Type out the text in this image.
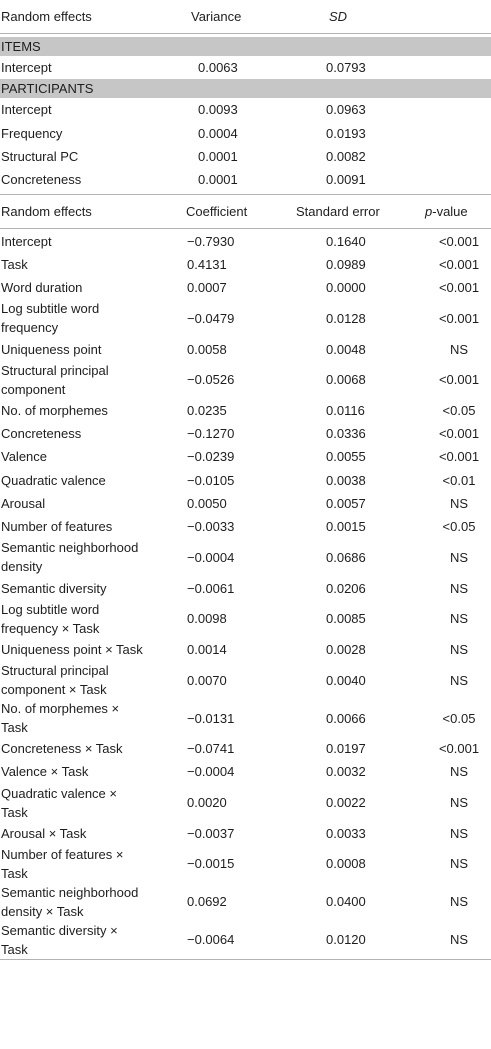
Random effects	Variance	SD	

ITEMS			
Intercept	0.0063	0.0793	
PARTICIPANTS			
Intercept	0.0093	0.0963	
Frequency	0.0004	0.0193	
Structural PC	0.0001	0.0082	
Concreteness	0.0001	0.0091	

Random effects	Coefficient	Standard error	p-value
Intercept	−0.7930	0.1640	<0.001
Task	0.4131	0.0989	<0.001
Word duration	0.0007	0.0000	<0.001

Log subtitle word
frequency	−0.0479	0.0128	<0.001
Uniqueness point	0.0058	0.0048	NS

Structural principal
component	−0.0526	0.0068	<0.001
No. of morphemes	0.0235	0.0116	<0.05
Concreteness	−0.1270	0.0336	<0.001
Valence	−0.0239	0.0055	<0.001
Quadratic valence	−0.0105	0.0038	<0.01
Arousal	0.0050	0.0057	NS
Number of features	−0.0033	0.0015	<0.05

Semantic neighborhood
density	−0.0004	0.0686	NS
Semantic diversity	−0.0061	0.0206	NS

Log subtitle word
frequency × Task	0.0098	0.0085	NS
Uniqueness point × Task	0.0014	0.0028	NS

Structural principal
component × Task	0.0070	0.0040	NS

No. of morphemes ×
Task	−0.0131	0.0066	<0.05
Concreteness × Task	−0.0741	0.0197	<0.001
Valence × Task	−0.0004	0.0032	NS

Quadratic valence ×
Task	0.0020	0.0022	NS
Arousal × Task	−0.0037	0.0033	NS

Number of features ×
Task	−0.0015	0.0008	NS

Semantic neighborhood
density × Task	0.0692	0.0400	NS

Semantic diversity ×
Task	−0.0064	0.0120	NS
